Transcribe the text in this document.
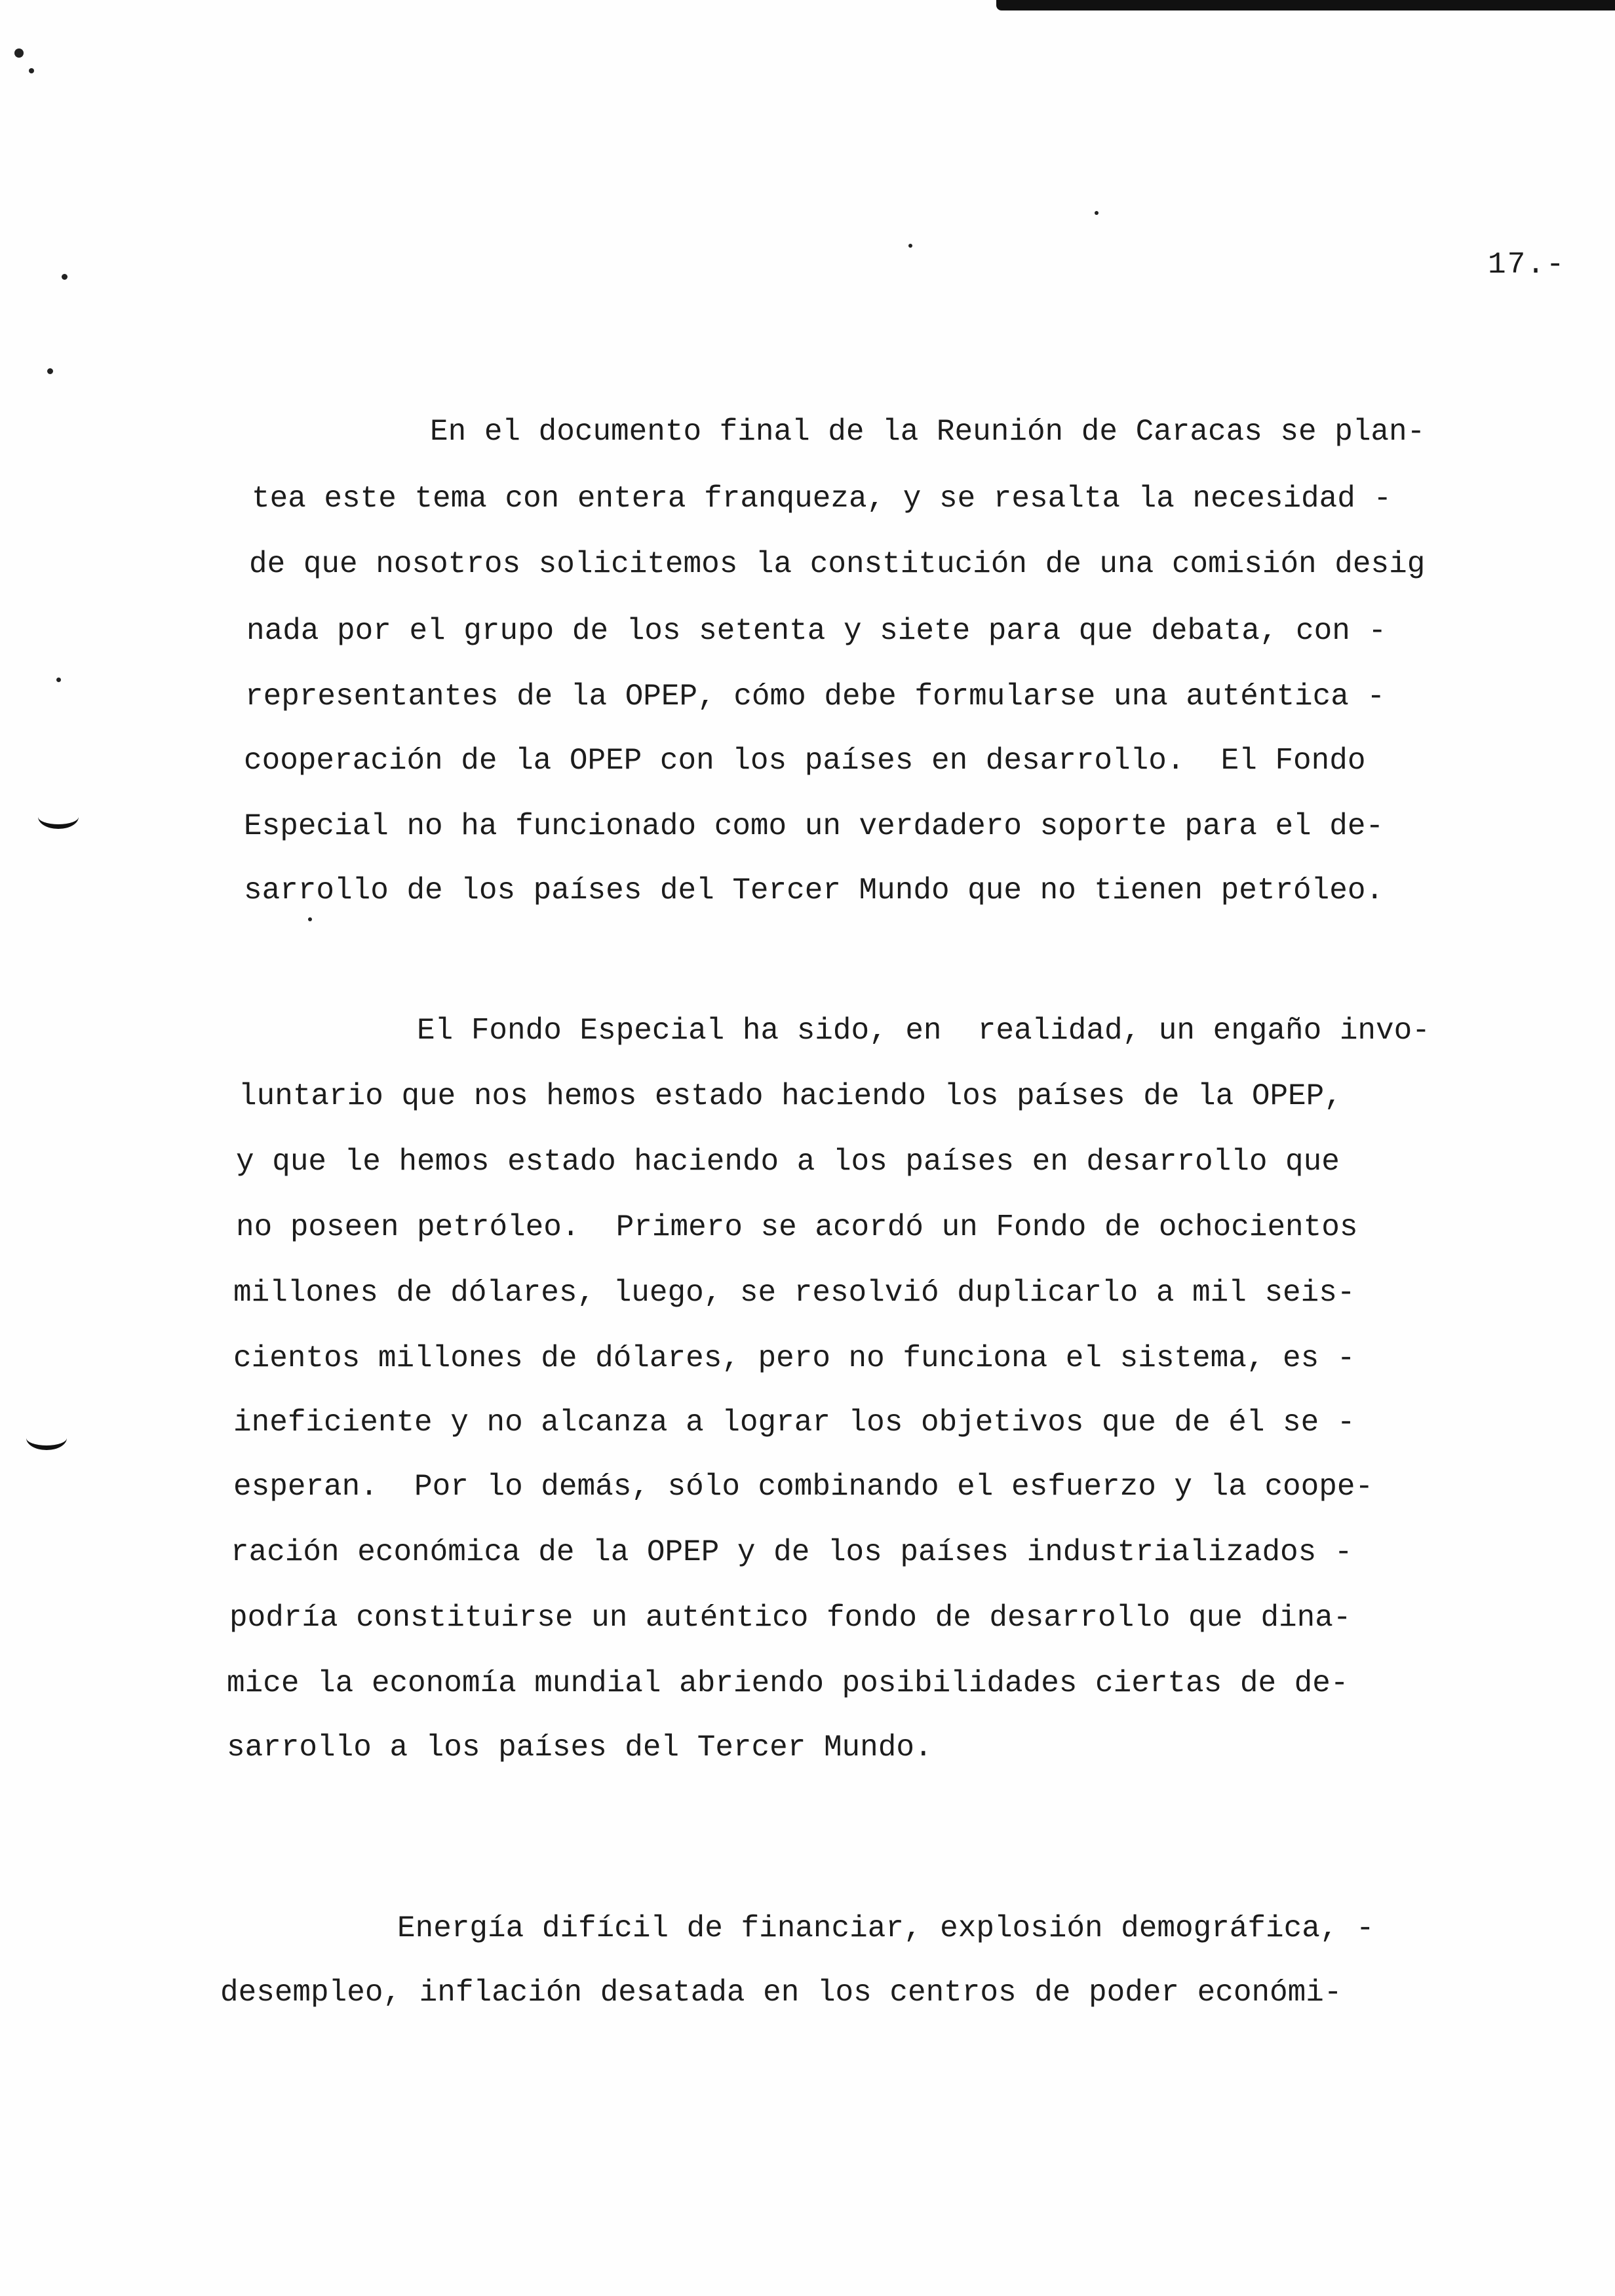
17.-
En el documento final de la Reunión de Caracas se plan-
tea este tema con entera franqueza, y se resalta la necesidad -
de que nosotros solicitemos la constitución de una comisión desig
nada por el grupo de los setenta y siete para que debata, con -
representantes de la OPEP, cómo debe formularse una auténtica -
cooperación de la OPEP con los países en desarrollo.  El Fondo
Especial no ha funcionado como un verdadero soporte para el de-
sarrollo de los países del Tercer Mundo que no tienen petróleo.
El Fondo Especial ha sido, en  realidad, un engaño invo-
luntario que nos hemos estado haciendo los países de la OPEP,
y que le hemos estado haciendo a los países en desarrollo que
no poseen petróleo.  Primero se acordó un Fondo de ochocientos
millones de dólares, luego, se resolvió duplicarlo a mil seis-
cientos millones de dólares, pero no funciona el sistema, es -
ineficiente y no alcanza a lograr los objetivos que de él se -
esperan.  Por lo demás, sólo combinando el esfuerzo y la coope-
ración económica de la OPEP y de los países industrializados -
podría constituirse un auténtico fondo de desarrollo que dina-
mice la economía mundial abriendo posibilidades ciertas de de-
sarrollo a los países del Tercer Mundo.
Energía difícil de financiar, explosión demográfica, -
desempleo, inflación desatada en los centros de poder económi-
